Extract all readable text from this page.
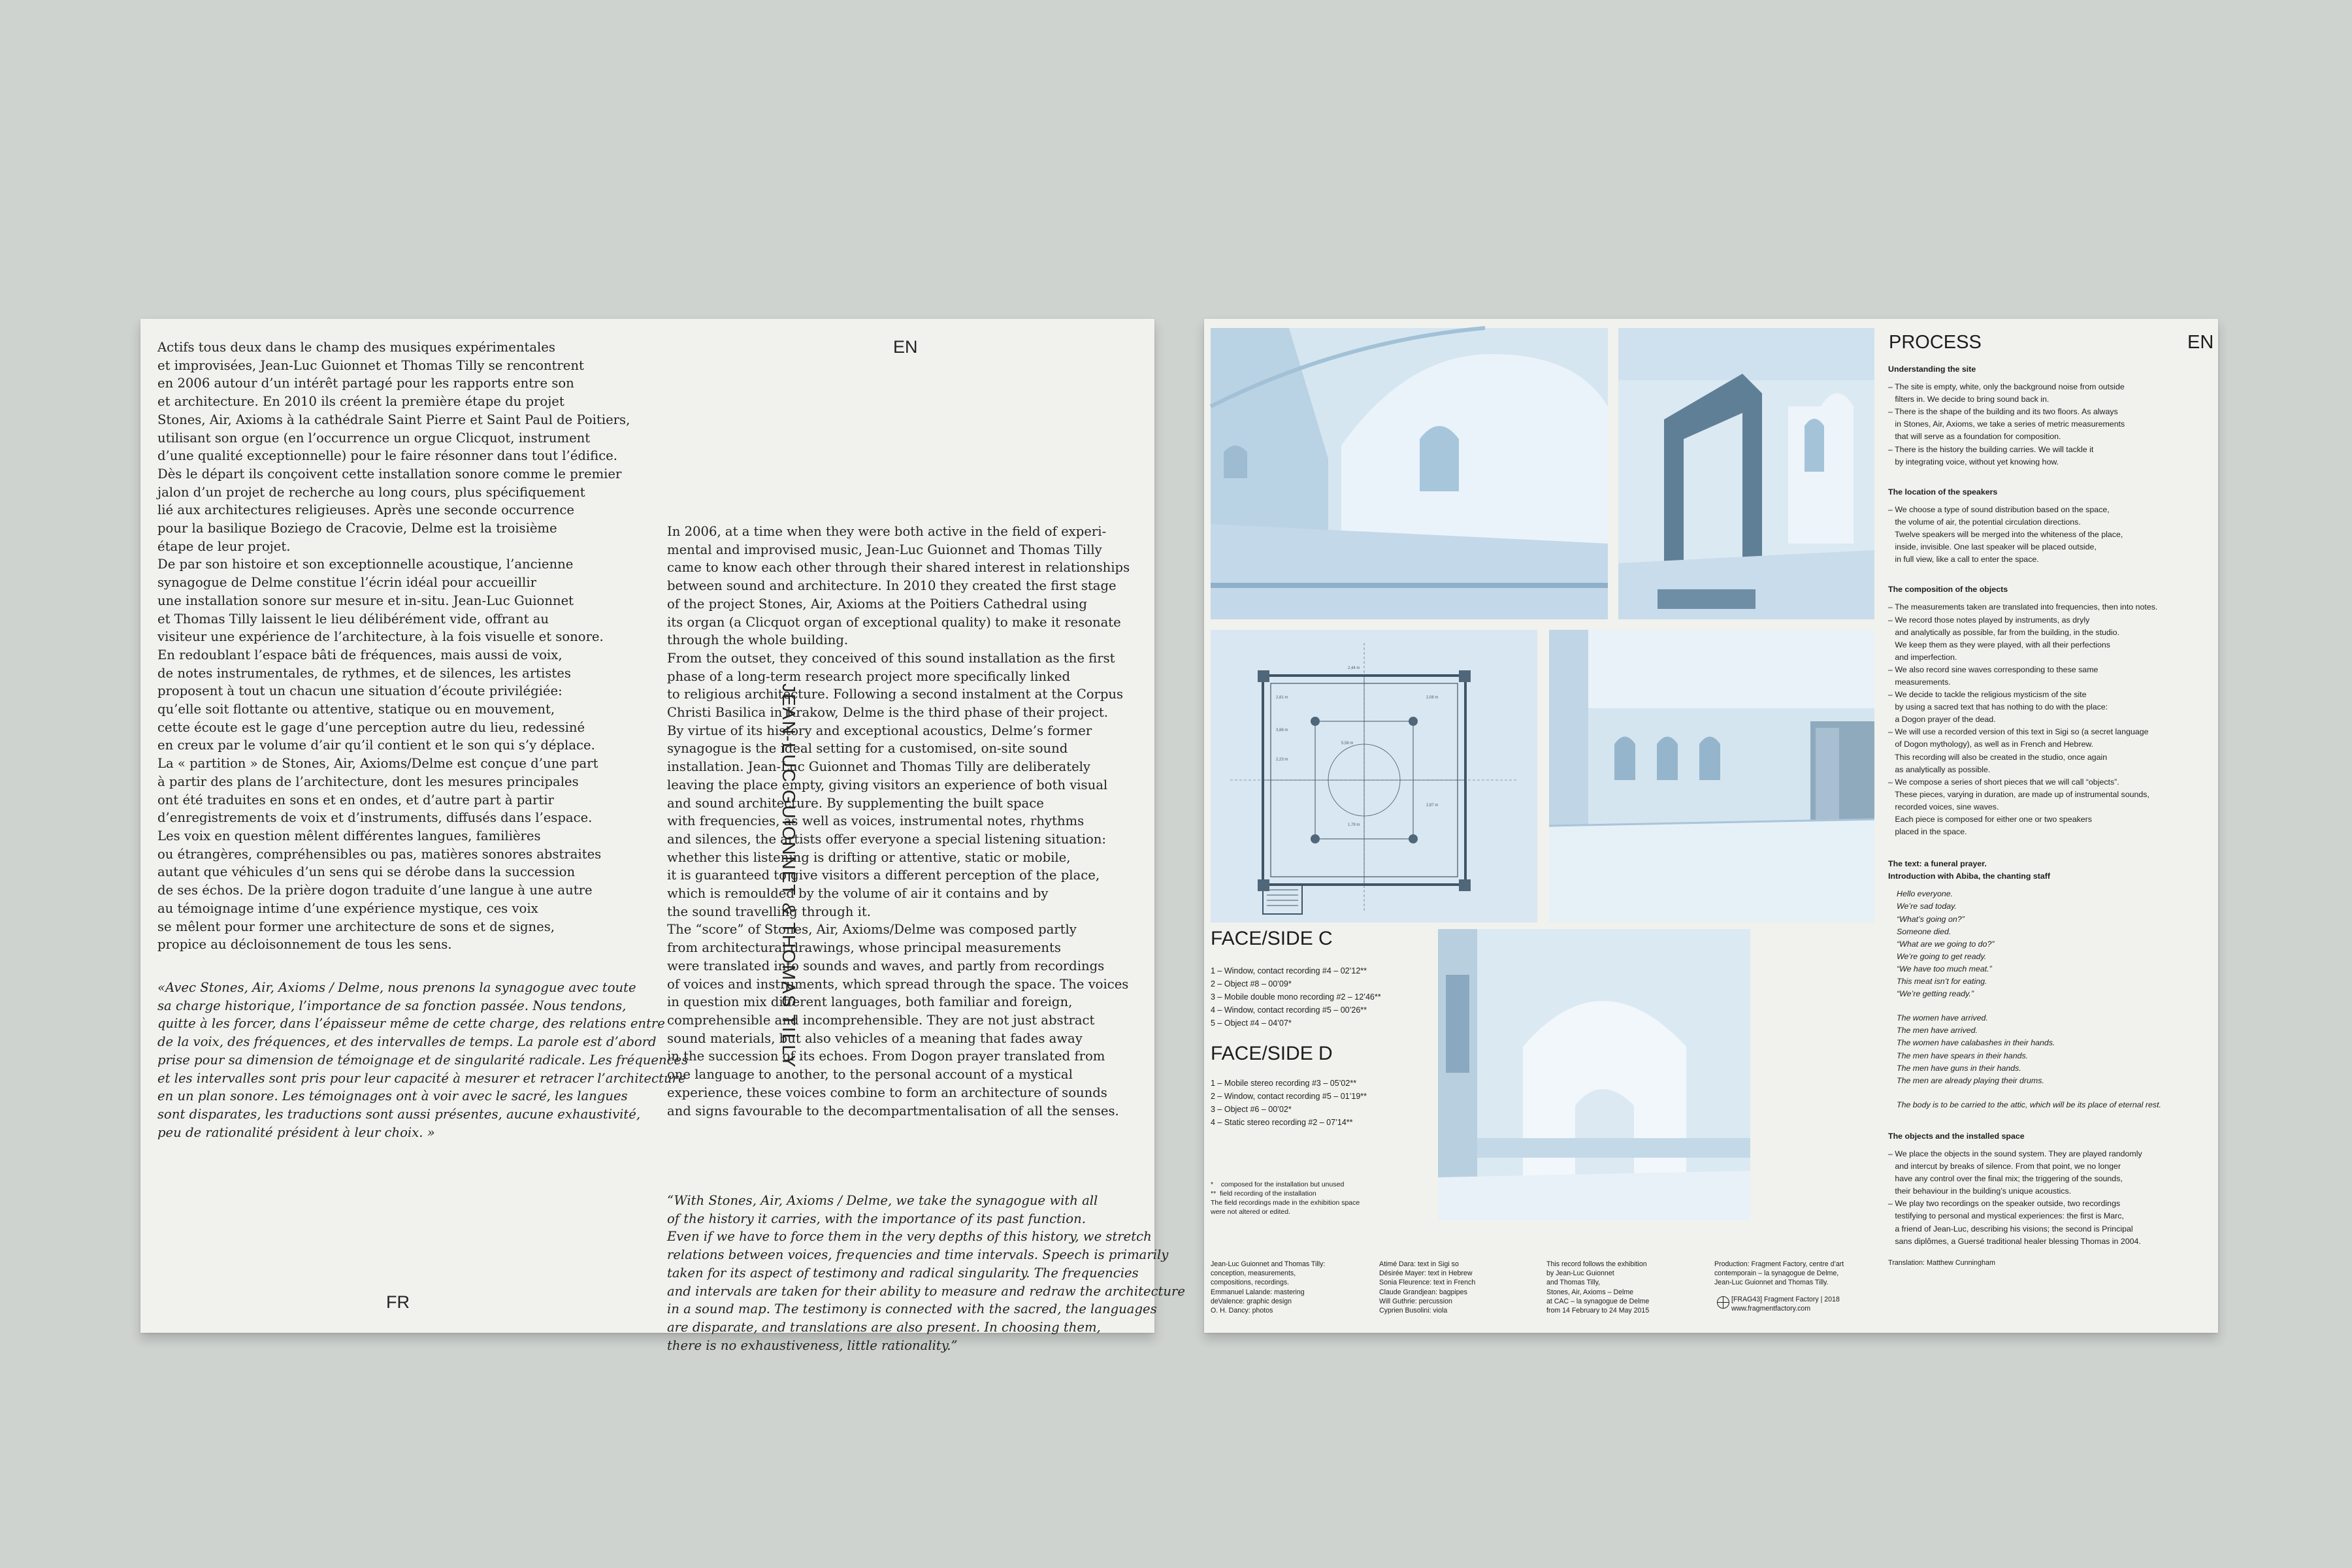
Actifs tous deux dans le champ des musiques expérimentales
et improvisées, Jean-Luc Guionnet et Thomas Tilly se rencontrent
en 2006 autour d’un intérêt partagé pour les rapports entre son
et architecture. En 2010 ils créent la première étape du projet
Stones, Air, Axioms à la cathédrale Saint Pierre et Saint Paul de Poitiers,
utilisant son orgue (en l’occurrence un orgue Clicquot, instrument
d’une qualité exceptionnelle) pour le faire résonner dans tout l’édifice.
Dès le départ ils conçoivent cette installation sonore comme le premier
jalon d’un projet de recherche au long cours, plus spécifiquement
lié aux architectures religieuses. Après une seconde occurrence
pour la basilique Boziego de Cracovie, Delme est la troisième
étape de leur projet.
De par son histoire et son exceptionnelle acoustique, l’ancienne
synagogue de Delme constitue l’écrin idéal pour accueillir
une installation sonore sur mesure et in-situ. Jean-Luc Guionnet
et Thomas Tilly laissent le lieu délibérément vide, offrant au
visiteur une expérience de l’architecture, à la fois visuelle et sonore.
En redoublant l’espace bâti de fréquences, mais aussi de voix,
de notes instrumentales, de rythmes, et de silences, les artistes
proposent à tout un chacun une situation d’écoute privilégiée:
qu’elle soit flottante ou attentive, statique ou en mouvement,
cette écoute est le gage d’une perception autre du lieu, redessiné
en creux par le volume d’air qu’il contient et le son qui s’y déplace.
La « partition » de Stones, Air, Axioms/Delme est conçue d’une part
à partir des plans de l’architecture, dont les mesures principales
ont été traduites en sons et en ondes, et d’autre part à partir
d’enregistrements de voix et d’instruments, diffusés dans l’espace.
Les voix en question mêlent différentes langues, familières
ou étrangères, compréhensibles ou pas, matières sonores abstraites
autant que véhicules d’un sens qui se dérobe dans la succession
de ses échos. De la prière dogon traduite d’une langue à une autre
au témoignage intime d’une expérience mystique, ces voix
se mêlent pour former une architecture de sons et de signes,
propice au décloisonnement de tous les sens.
«Avec Stones, Air, Axioms / Delme, nous prenons la synagogue avec toute
sa charge historique, l’importance de sa fonction passée. Nous tendons,
quitte à les forcer, dans l’épaisseur même de cette charge, des relations entre
de la voix, des fréquences, et des intervalles de temps. La parole est d’abord
prise pour sa dimension de témoignage et de singularité radicale. Les fréquences
et les intervalles sont pris pour leur capacité à mesurer et retracer l’architecture
en un plan sonore. Les témoignages ont à voir avec le sacré, les langues
sont disparates, les traductions sont aussi présentes, aucune exhaustivité,
peu de rationalité président à leur choix. »
EN
FR
JEAN-LUC GUIONNET & THOMAS TILLY
In 2006, at a time when they were both active in the field of experi-
mental and improvised music, Jean-Luc Guionnet and Thomas Tilly
came to know each other through their shared interest in relationships
between sound and architecture. In 2010 they created the first stage
of the project Stones, Air, Axioms at the Poitiers Cathedral using
its organ (a Clicquot organ of exceptional quality) to make it resonate
through the whole building.
From the outset, they conceived of this sound installation as the first
phase of a long-term research project more specifically linked
to religious architecture. Following a second instalment at the Corpus
Christi Basilica in Krakow, Delme is the third phase of their project.
By virtue of its history and exceptional acoustics, Delme’s former
synagogue is the ideal setting for a customised, on-site sound
installation. Jean-Luc Guionnet and Thomas Tilly are deliberately
leaving the place empty, giving visitors an experience of both visual
and sound architecture. By supplementing the built space
with frequencies, as well as voices, instrumental notes, rhythms
and silences, the artists offer everyone a special listening situation:
whether this listening is drifting or attentive, static or mobile,
it is guaranteed to give visitors a different perception of the place,
which is remoulded by the volume of air it contains and by
the sound travelling through it.
The “score” of Stones, Air, Axioms/Delme was composed partly
from architectural drawings, whose principal measurements
were translated into sounds and waves, and partly from recordings
of voices and instruments, which spread through the space. The voices
in question mix different languages, both familiar and foreign,
comprehensible and incomprehensible. They are not just abstract
sound materials, but also vehicles of a meaning that fades away
in the succession of its echoes. From Dogon prayer translated from
one language to another, to the personal account of a mystical
experience, these voices combine to form an architecture of sounds
and signs favourable to the decompartmentalisation of all the senses.
“With Stones, Air, Axioms / Delme, we take the synagogue with all
of the history it carries, with the importance of its past function.
Even if we have to force them in the very depths of this history, we stretch
relations between voices, frequencies and time intervals. Speech is primarily
taken for its aspect of testimony and radical singularity. The frequencies
and intervals are taken for their ability to measure and redraw the architecture
in a sound map. The testimony is connected with the sacred, the languages
are disparate, and translations are also present. In choosing them,
there is no exhaustiveness, little rationality.”
2,81 m
3,88 m
2,23 m
5,58 m
2,08 m
2,87 m
2,44 m
1,79 m
FACE/SIDE C
1 – Window, contact recording #4 – 02’12**
2 – Object #8 – 00’09*
3 – Mobile double mono recording #2 – 12’46**
4 – Window, contact recording #5 – 00’26**
5 – Object #4 – 04’07*
FACE/SIDE D
1 – Mobile stereo recording #3 – 05’02**
2 – Window, contact recording #5 – 01’19**
3 – Object #6 – 00’02*
4 – Static stereo recording #2 – 07’14**
*    composed for the installation but unused
**  field recording of the installation
The field recordings made in the exhibition space
were not altered or edited.
PROCESS	EN
Understanding the site
– The site is empty, white, only the background noise from outside
filters in. We decide to bring sound back in.
– There is the shape of the building and its two floors. As always
in Stones, Air, Axioms, we take a series of metric measurements
that will serve as a foundation for composition.
– There is the history the building carries. We will tackle it
by integrating voice, without yet knowing how.
The location of the speakers
– We choose a type of sound distribution based on the space,
the volume of air, the potential circulation directions.
Twelve speakers will be merged into the whiteness of the place,
inside, invisible. One last speaker will be placed outside,
in full view, like a call to enter the space.
The composition of the objects
– The measurements taken are translated into frequencies, then into notes.
– We record those notes played by instruments, as dryly
and analytically as possible, far from the building, in the studio.
We keep them as they were played, with all their perfections
and imperfection.
– We also record sine waves corresponding to these same
measurements.
– We decide to tackle the religious mysticism of the site
by using a sacred text that has nothing to do with the place:
a Dogon prayer of the dead.
– We will use a recorded version of this text in Sigi so (a secret language
of Dogon mythology), as well as in French and Hebrew.
This recording will also be created in the studio, once again
as analytically as possible.
– We compose a series of short pieces that we will call “objects”.
These pieces, varying in duration, are made up of instrumental sounds,
recorded voices, sine waves.
Each piece is composed for either one or two speakers
placed in the space.
The text: a funeral prayer.
Introduction with Abiba, the chanting staff
Hello everyone.
We’re sad today.
“What’s going on?”
Someone died.
“What are we going to do?”
We’re going to get ready.
“We have too much meat.”
This meat isn’t for eating.
“We’re getting ready.”
The women have arrived.
The men have arrived.
The women have calabashes in their hands.
The men have spears in their hands.
The men have guns in their hands.
The men are already playing their drums.
The body is to be carried to the attic, which will be its place of eternal rest.
The objects and the installed space
– We place the objects in the sound system. They are played randomly
and intercut by breaks of silence. From that point, we no longer
have any control over the final mix; the triggering of the sounds,
their behaviour in the building’s unique acoustics.
– We play two recordings on the speaker outside, two recordings
testifying to personal and mystical experiences: the first is Marc,
a friend of Jean-Luc, describing his visions; the second is Principal
sans diplômes, a Guersé traditional healer blessing Thomas in 2004.
Translation: Matthew Cunningham
Jean-Luc Guionnet and Thomas Tilly:
conception, measurements,
compositions, recordings.
Emmanuel Lalande: mastering
deValence: graphic design
O. H. Dancy: photos
Atimé Dara: text in Sigi so
Désirée Mayer: text in Hebrew
Sonia Fleurence: text in French
Claude Grandjean: bagpipes
Will Guthrie: percussion
Cyprien Busolini: viola
This record follows the exhibition
by Jean-Luc Guionnet
and Thomas Tilly,
Stones, Air, Axioms – Delme
at CAC – la synagogue de Delme
from 14 February to 24 May 2015
Production: Fragment Factory, centre d’art
contemporain – la synagogue de Delme,
Jean-Luc Guionnet and Thomas Tilly.
[FRAG43] Fragment Factory | 2018
www.fragmentfactory.com
